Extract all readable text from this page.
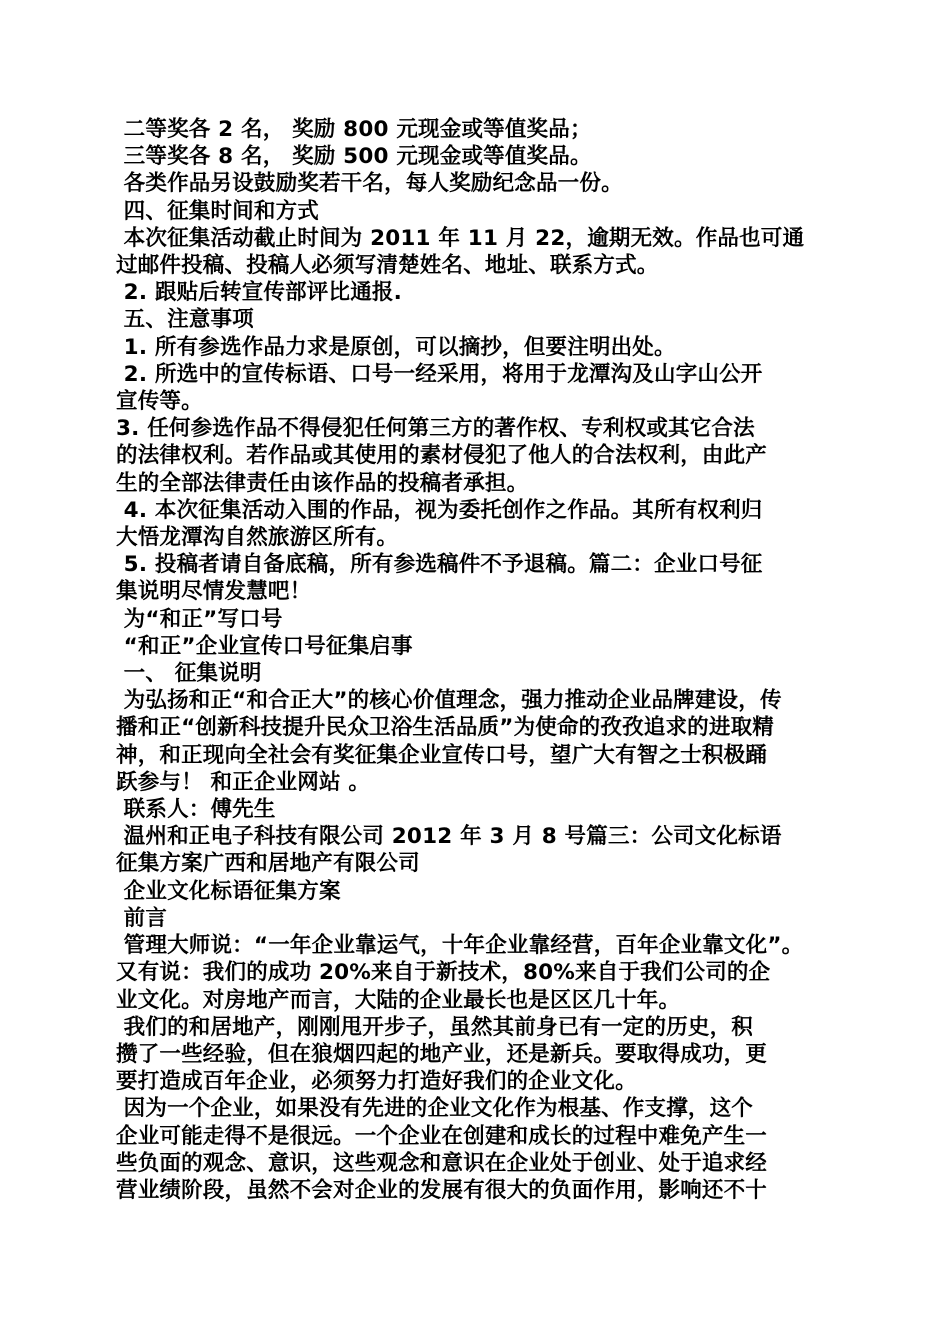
二等奖各 2 名， 奖励 800 元现金或等值奖品；
三等奖各 8 名， 奖励 500 元现金或等值奖品。
各类作品另设鼓励奖若干名，每人奖励纪念品一份。
四、征集时间和方式
本次征集活动截止时间为 2011 年 11 月 22，逾期无效。作品也可通
过邮件投稿、投稿人必须写清楚姓名、地址、联系方式。
2. 跟贴后转宣传部评比通报.
五、注意事项
1. 所有参选作品力求是原创，可以摘抄，但要注明出处。
2. 所选中的宣传标语、口号一经采用，将用于龙潭沟及山字山公开
宣传等。
3. 任何参选作品不得侵犯任何第三方的著作权、专利权或其它合法
的法律权利。若作品或其使用的素材侵犯了他人的合法权利，由此产
生的全部法律责任由该作品的投稿者承担。
4. 本次征集活动入围的作品，视为委托创作之作品。其所有权利归
大悟龙潭沟自然旅游区所有。
5. 投稿者请自备底稿，所有参选稿件不予退稿。篇二：企业口号征
集说明尽情发慧吧！
为“和正”写口号
“和正”企业宣传口号征集启事
一、 征集说明
为弘扬和正“和合正大”的核心价值理念，强力推动企业品牌建设，传
播和正“创新科技提升民众卫浴生活品质”为使命的孜孜追求的进取精
神，和正现向全社会有奖征集企业宣传口号，望广大有智之士积极踊
跃参与！ 和正企业网站 。
联系人：傅先生
温州和正电子科技有限公司 2012 年 3 月 8 号篇三：公司文化标语
征集方案广西和居地产有限公司
企业文化标语征集方案
前言
管理大师说：“一年企业靠运气，十年企业靠经营，百年企业靠文化”。
又有说：我们的成功 20%来自于新技术，80%来自于我们公司的企
业文化。对房地产而言，大陆的企业最长也是区区几十年。
我们的和居地产，刚刚甩开步子，虽然其前身已有一定的历史，积
攒了一些经验，但在狼烟四起的地产业，还是新兵。要取得成功，更
要打造成百年企业，必须努力打造好我们的企业文化。
因为一个企业，如果没有先进的企业文化作为根基、作支撑，这个
企业可能走得不是很远。一个企业在创建和成长的过程中难免产生一
些负面的观念、意识，这些观念和意识在企业处于创业、处于追求经
营业绩阶段，虽然不会对企业的发展有很大的负面作用，影响还不十
